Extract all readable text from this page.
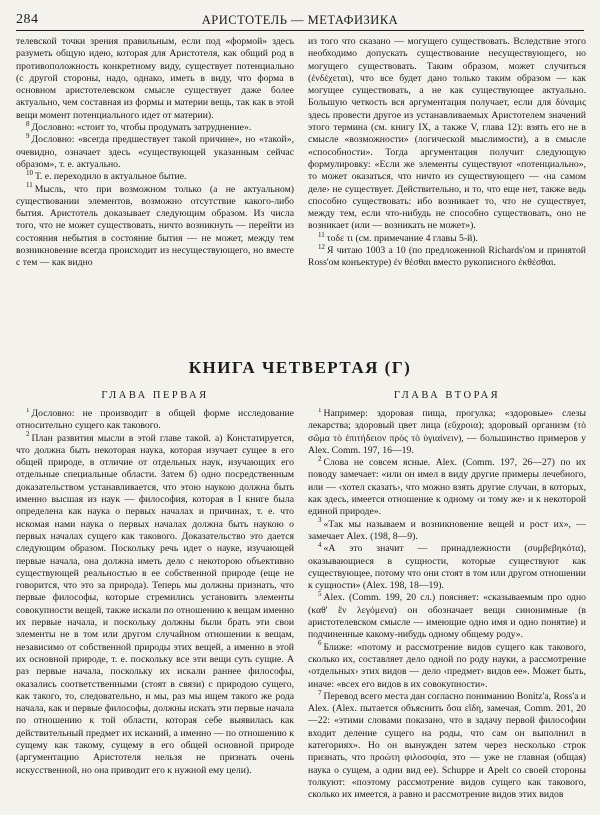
284	АРИСТОТЕЛЬ — МЕТАФИЗИКА

телевской точки зрения правильным, если под «формой» здесь разуметь общую идею, которая для Аристотеля, как общий род в противоположность конкретному виду, существует потенциально (с другой стороны, надо, однако, иметь в виду, что форма в основном аристотелевском смысле существует даже более актуально, чем составная из формы и материи вещь, так как в этой вещи момент потенциального идет от материи).

$^8$ Дословно: «стоит то, чтобы продумать затруднение».

$^9$ Дословно: «всегда предшествует такой причине», но «такой», очевидно, означает здесь «существующей указанным сейчас образом», т. е. актуально.

$^{10}$ Т. е. переходило в актуальное бытие.

$^{11}$ Мысль, что при возможном только (а не актуальном) существовании элементов, возможно отсутствие какого-либо бытия. Аристотель доказывает следующим образом. Из числа того, что не может существовать, ничто возникнуть — перейти из состояния небытия в состояние бытия — не может, между тем возникновение всегда происходит из несуществующего, но вместе с тем — как видно

из того что сказано — могущего существовать. Вследствие этого необходимо допускать существование несуществующего, но могущего существовать. Таким образом, может случиться (ἐνδέχεται), что все будет дано только таким образом — как могущее существовать, а не как существующее актуально. Большую четкость вся аргументация получает, если для δύναμις здесь провести другое из устанавливаемых Аристотелем значений этого термина (см. книгу IX, а также V, глава 12): взять его не в смысле «возможности» (логической мыслимости), а в смысле «способности». Тогда аргументация получит следующую формулировку: «Если же элементы существуют «потенциально», то может оказаться, что ничто из существующего — ‹на самом деле› не существует. Действительно, и то, что еще нет, также ведь способно существовать: ибо возникает то, что не существует, между тем, если что-нибудь не способно существовать, оно не возникает (или — возникать не может»).

$^{11}$ τοδε τι (см. примечание 4 главы 5-й).

$^{12}$ Я читаю 1003 а 10 (по предложенной Richards'ом и принятой Ross'ом конъектуре) ἐν θέσθαι вместо рукописного ἐκθέσθαι.

КНИГА ЧЕТВЕРТАЯ (Γ)
ГЛАВА ПЕРВАЯ	ГЛАВА ВТОРАЯ

$^1$ Дословно: не производит в общей форме исследование относительно сущего как такового.

$^2$ План развития мысли в этой главе такой. а) Констатируется, что должна быть некоторая наука, которая изучает сущее в его общей природе, в отличие от отдельных наук, изучающих его отдельные специальные области. Затем б) одно посредственным доказательством устанавливается, что этою наукою должна быть именно высшая из наук — философия, которая в I книге была определена как наука о первых началах и причинах, т. е. что искомая нами наука о первых началах должна быть наукою о первых началах сущего как такового. Доказательство это дается следующим образом. Поскольку речь идет о науке, изучающей первые начала, она должна иметь дело с некоторою объективно существующей реальностью в ее собственной природе (еще не говорится, что это за природа). Теперь мы должны признать, что первые философы, которые стремились установить элементы совокупности вещей, также искали по отношению к вещам именно их первые начала, и поскольку должны были брать эти свои элементы не в том или другом случайном отношении к вещам, независимо от собственной природы этих вещей, а именно в этой их основной природе, т. е. поскольку все эти вещи суть сущие. А раз первые начала, поскольку их искали раннее философы, оказались соответственными (стоят в связи) с природою сущего, как такого, то, следовательно, и мы, раз мы ищем такого же рода начала, как и первые философы, должны искать эти первые начала по отношению к той области, которая себе выявилась как действительный предмет их исканий, а именно — по отношению к сущему как такому, сущему в его общей основной природе (аргументацию Аристотеля нельзя не признать очень искусственной, но она приводит его к нужной ему цели).

$^1$ Например: здоровая пища, прогулка; «здоровые» слезы лекарства; здоровый цвет лица (εὔχροια); здоровый организм (τὸ σῶμα τὸ ἐπιτήδειον πρὸς τὸ ὑγιαίνειν), — большинство примеров у Alex. Comm. 197, 16—19.

$^2$ Слова не совсем ясные. Alex. (Comm. 197, 26—27) по их поводу замечает: «или он имел в виду другие примеры лечебного, или — ‹хотел сказать›, что можно взять другие случаи, в которых, как здесь, имеется отношение к одному ‹и тому же› и к некоторой единой природе».

$^3$ «Так мы называем и возникновение вещей и рост их», — замечает Alex. (198, 8—9).

$^4$ «А это значит — принадлежности (συμβεβηκότα), оказывающиеся в сущности, которые существуют как существующее, потому что они стоят в том или другом отношении к сущности» (Alex. 198, 18—19).

$^5$ Alex. (Comm. 199, 20 сл.) поясняет: «сказываемым про одно (καθ' ἓν λεγόμενα) он обозначает вещи синонимные (в аристотелевском смысле — имеющие одно имя и одно понятие) и подчиненные какому-нибудь одному общему роду».

$^6$ Ближе: «потому и рассмотрение видов сущего как такового, сколько их, составляет дело одной по роду науки, а рассмотрение ‹отдельных› этих видов — дело ‹предмет› видов ее». Может быть, иначе: «всех его видов в их совокупности».

$^7$ Перевод всего места дан согласно пониманию Bonitz'a, Ross'a и Alex. (Alex. пытается объяснить ὅσα εἴδη, замечая, Comm. 201, 20—22: «этими словами показано, что в задачу первой философии входит деление сущего на роды, что сам он выполнил в категориях». Но он вынужден затем через несколько строк признать, что προώτη φιλοσοφία, это — уже не главная (общая) наука о сущем, а одни вид ее). Schuppe и Apelt со своей стороны толкуют: «поэтому рассмотрение видов сущего как такового, сколько их имеется, а равно и рассмотрение видов этих видов
